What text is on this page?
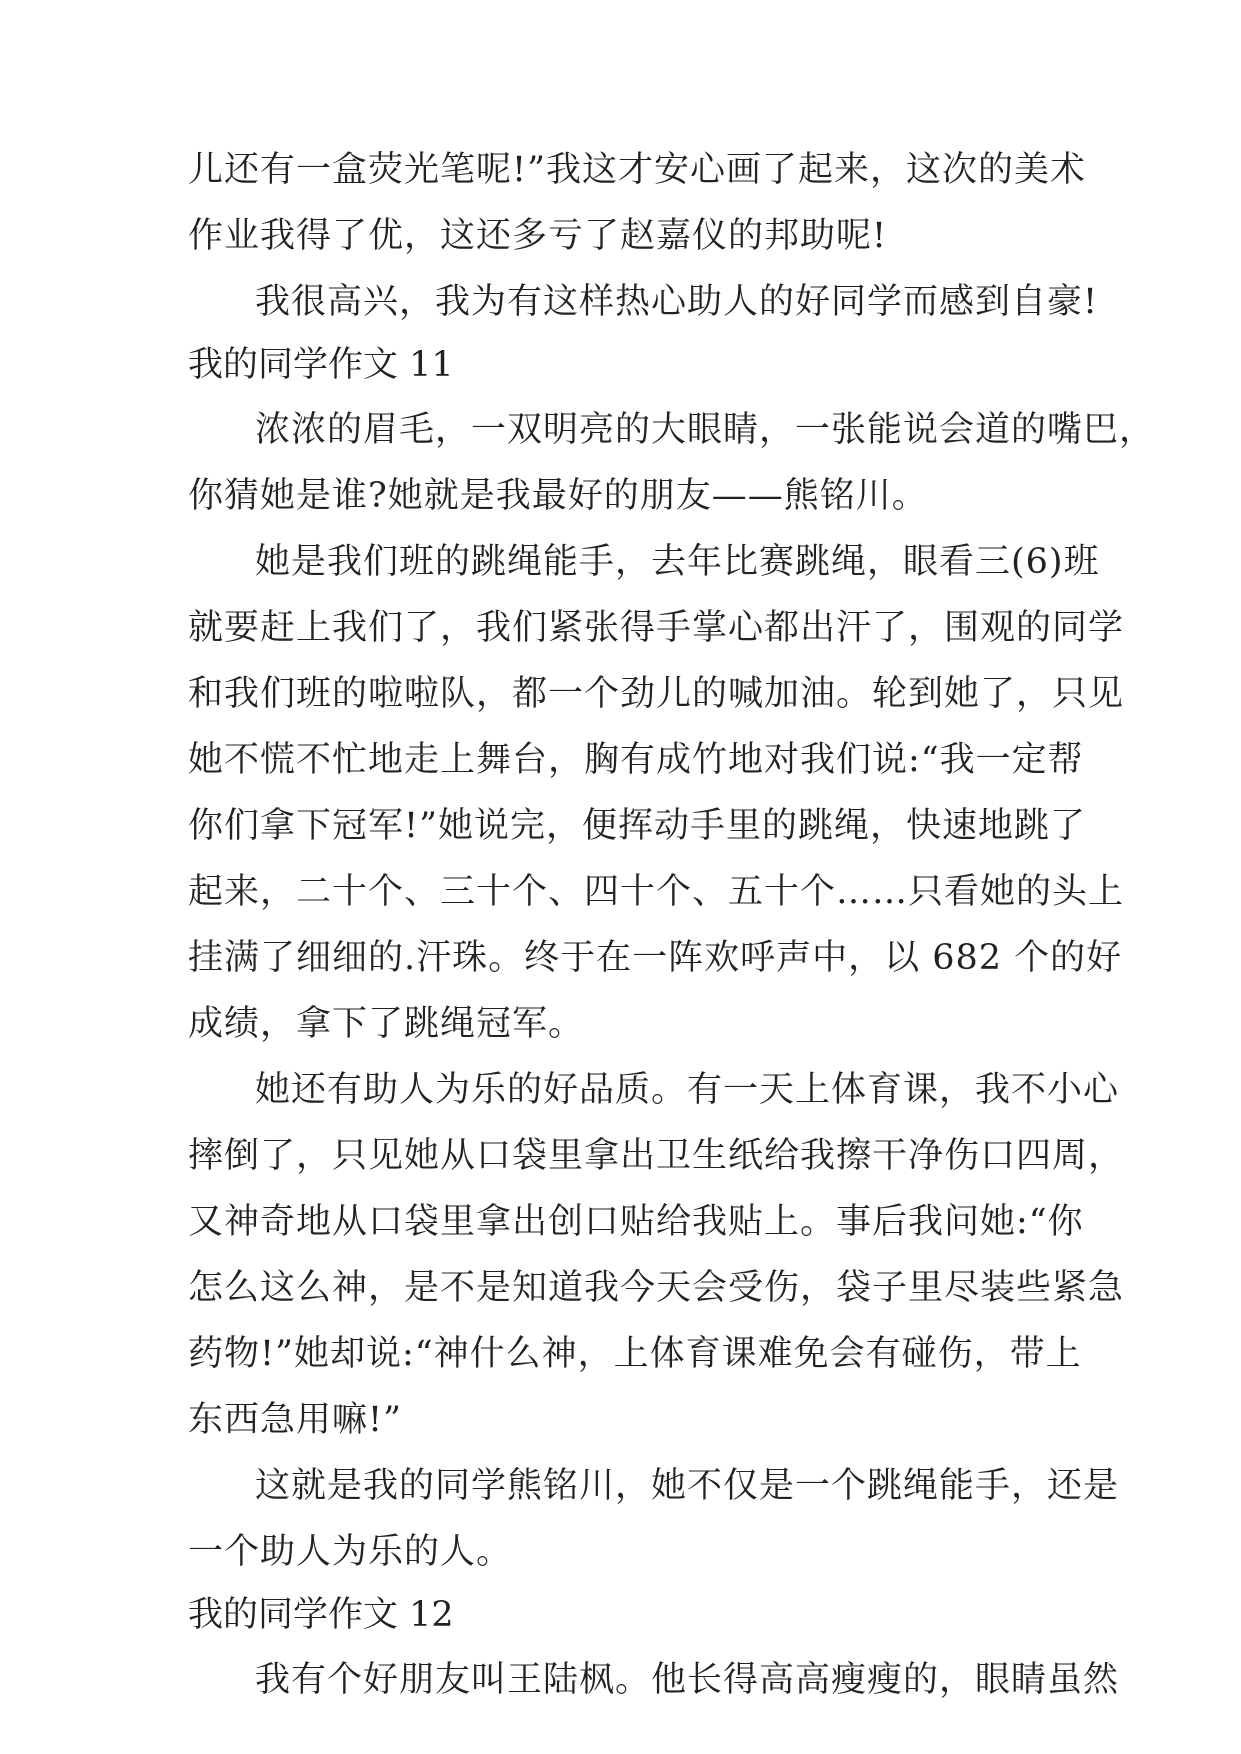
儿还有一盒荧光笔呢!”我这才安心画了起来，这次的美术
作业我得了优，这还多亏了赵嘉仪的邦助呢!
我很高兴，我为有这样热心助人的好同学而感到自豪!
我的同学作文 11
浓浓的眉毛，一双明亮的大眼睛，一张能说会道的嘴巴，
你猜她是谁?她就是我最好的朋友——熊铭川。
她是我们班的跳绳能手，去年比赛跳绳，眼看三(6)班
就要赶上我们了，我们紧张得手掌心都出汗了，围观的同学
和我们班的啦啦队，都一个劲儿的喊加油。轮到她了，只见
她不慌不忙地走上舞台，胸有成竹地对我们说:“我一定帮
你们拿下冠军!”她说完，便挥动手里的跳绳，快速地跳了
起来，二十个、三十个、四十个、五十个……只看她的头上
挂满了细细的.汗珠。终于在一阵欢呼声中，以 682 个的好
成绩，拿下了跳绳冠军。
她还有助人为乐的好品质。有一天上体育课，我不小心
摔倒了，只见她从口袋里拿出卫生纸给我擦干净伤口四周，
又神奇地从口袋里拿出创口贴给我贴上。事后我问她:“你
怎么这么神，是不是知道我今天会受伤，袋子里尽装些紧急
药物!”她却说:“神什么神，上体育课难免会有碰伤，带上
东西急用嘛!”
这就是我的同学熊铭川，她不仅是一个跳绳能手，还是
一个助人为乐的人。
我的同学作文 12
我有个好朋友叫王陆枫。他长得高高瘦瘦的，眼睛虽然
